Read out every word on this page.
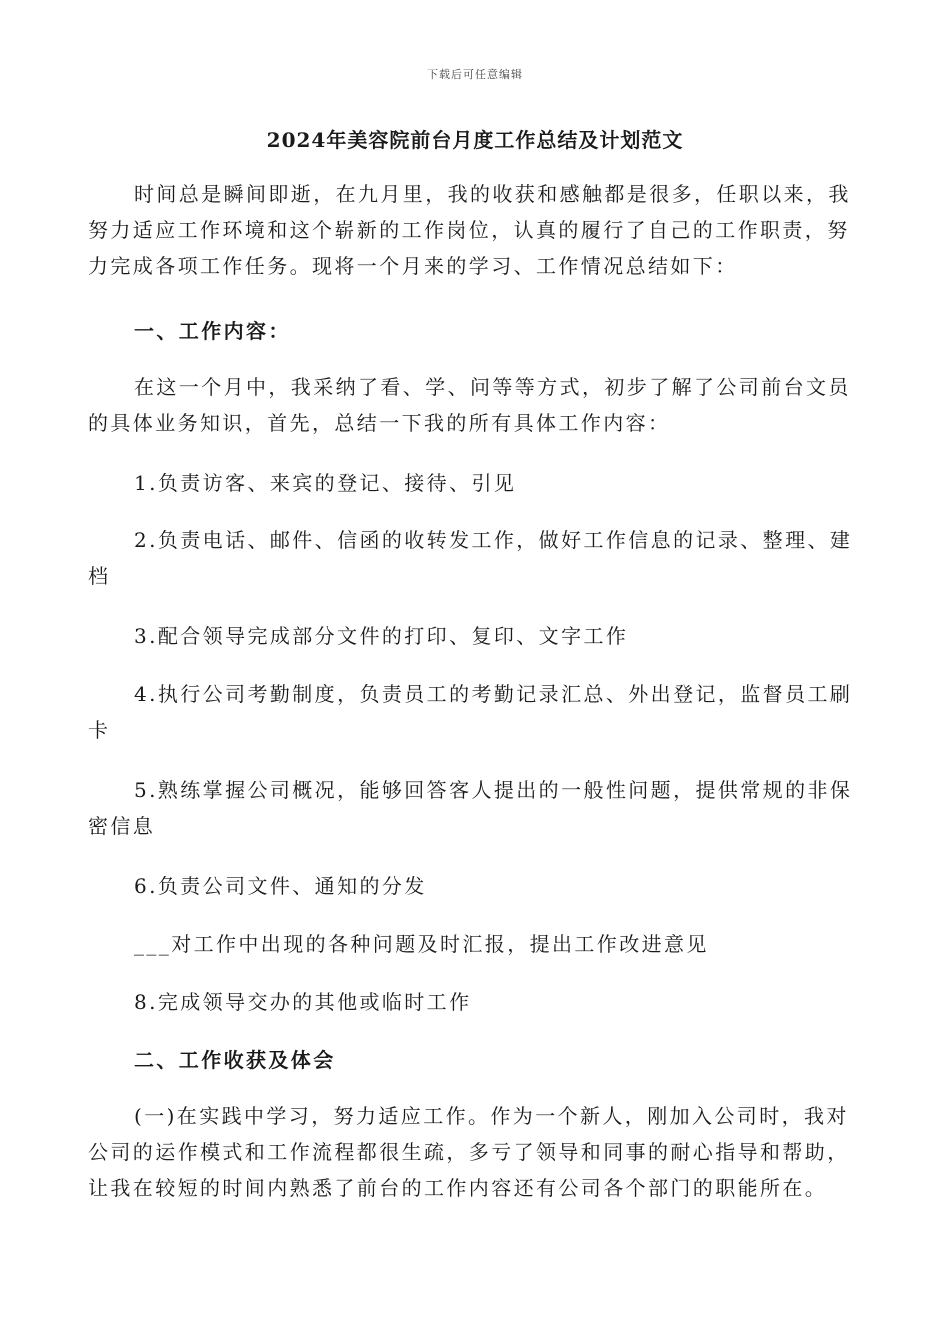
下载后可任意编辑
2024年美容院前台月度工作总结及计划范文
时间总是瞬间即逝，在九月里，我的收获和感触都是很多，任职以来，我
努力适应工作环境和这个崭新的工作岗位，认真的履行了自己的工作职责，努
力完成各项工作任务。现将一个月来的学习、工作情况总结如下：
一、工作内容：
在这一个月中，我采纳了看、学、问等等方式，初步了解了公司前台文员
的具体业务知识，首先，总结一下我的所有具体工作内容：
1.负责访客、来宾的登记、接待、引见
2.负责电话、邮件、信函的收转发工作，做好工作信息的记录、整理、建
档
3.配合领导完成部分文件的打印、复印、文字工作
4.执行公司考勤制度，负责员工的考勤记录汇总、外出登记，监督员工刷
卡
5.熟练掌握公司概况，能够回答客人提出的一般性问题，提供常规的非保
密信息
6.负责公司文件、通知的分发
___对工作中出现的各种问题及时汇报，提出工作改进意见
8.完成领导交办的其他或临时工作
二、工作收获及体会
(一)在实践中学习，努力适应工作。作为一个新人，刚加入公司时，我对
公司的运作模式和工作流程都很生疏，多亏了领导和同事的耐心指导和帮助，
让我在较短的时间内熟悉了前台的工作内容还有公司各个部门的职能所在。
